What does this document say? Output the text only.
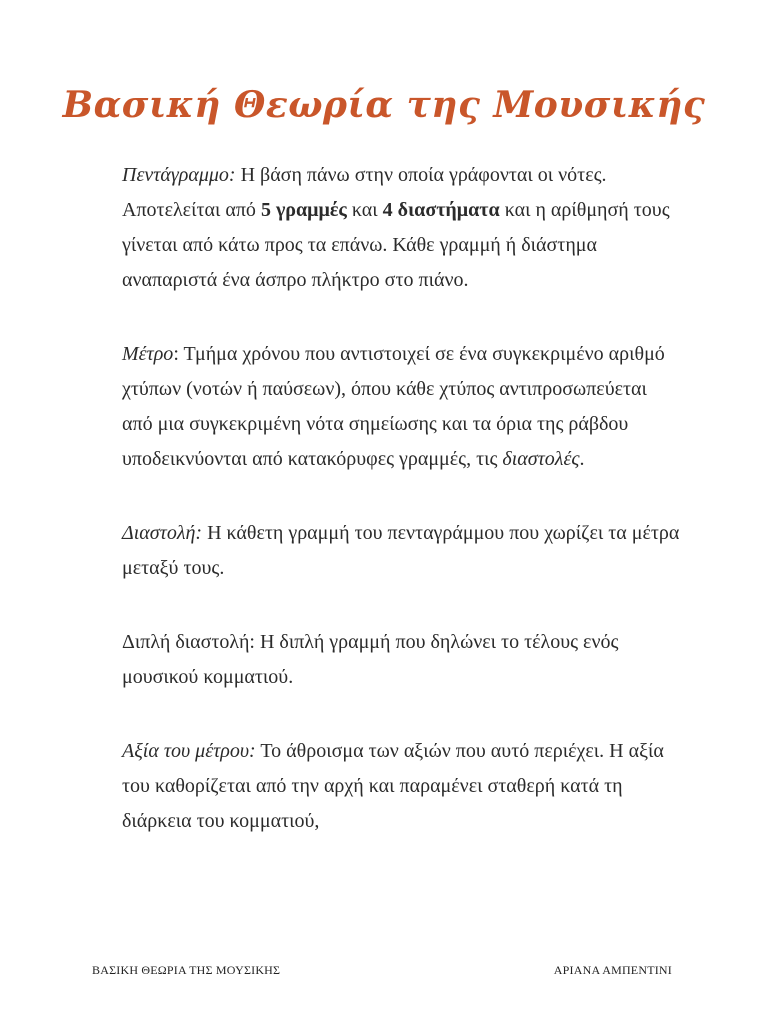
Βασική Θεωρία της Μουσικής

Πεντάγραμμο: Η βάση πάνω στην οποία γράφονται οι νότες. Αποτελείται από 5 γραμμές και 4 διαστήματα και η αρίθμησή τους γίνεται από κάτω προς τα επάνω. Κάθε γραμμή ή διάστημα αναπαριστά ένα άσπρο πλήκτρο στο πιάνο.

Μέτρο: Τμήμα χρόνου που αντιστοιχεί σε ένα συγκεκριμένο αριθμό χτύπων (νοτών ή παύσεων), όπου κάθε χτύπος αντιπροσωπεύεται από μια συγκεκριμένη νότα σημείωσης και τα όρια της ράβδου υποδεικνύονται από κατακόρυφες γραμμές, τις διαστολές.

Διαστολή: Η κάθετη γραμμή του πενταγράμμου που χωρίζει τα μέτρα μεταξύ τους.

Διπλή διαστολή: Η διπλή γραμμή που δηλώνει το τέλους ενός μουσικού κομματιού.

Αξία του μέτρου: Το άθροισμα των αξιών που αυτό περιέχει. Η αξία του καθορίζεται από την αρχή και παραμένει σταθερή κατά τη διάρκεια του κομματιού,

ΒΑΣΙΚΗ ΘΕΩΡΙΑ ΤΗΣ ΜΟΥΣΙΚΗΣ	ΑΡΙΑΝΑ ΑΜΠΕΝΤΙΝΙ
